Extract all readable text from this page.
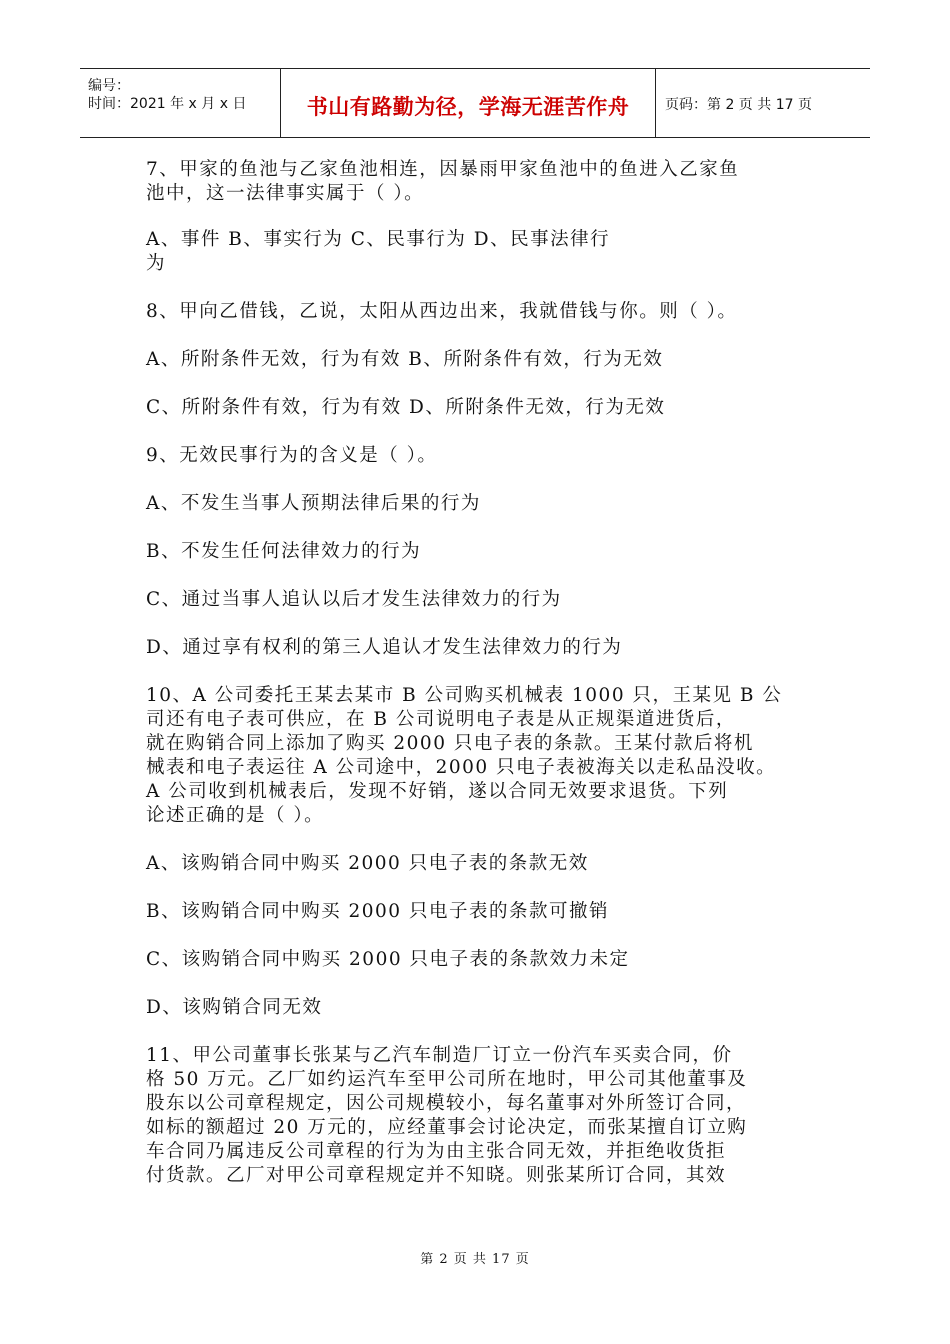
编号：
时间：2021 年 x 月 x 日	书山有路勤为径，学海无涯苦作舟	页码：第 2 页 共 17 页

7、甲家的鱼池与乙家鱼池相连，因暴雨甲家鱼池中的鱼进入乙家鱼

池中，这一法律事实属于（ ）。

A、事件 B、事实行为 C、民事行为 D、民事法律行

为

8、甲向乙借钱，乙说，太阳从西边出来，我就借钱与你。则（ ）。

A、所附条件无效，行为有效 B、所附条件有效，行为无效

C、所附条件有效，行为有效 D、所附条件无效，行为无效

9、无效民事行为的含义是（ ）。

A、不发生当事人预期法律后果的行为

B、不发生任何法律效力的行为

C、通过当事人追认以后才发生法律效力的行为

D、通过享有权利的第三人追认才发生法律效力的行为

10、A 公司委托王某去某市 B 公司购买机械表 1000 只，王某见 B 公

司还有电子表可供应，在 B 公司说明电子表是从正规渠道进货后，

就在购销合同上添加了购买 2000 只电子表的条款。王某付款后将机

械表和电子表运往 A 公司途中，2000 只电子表被海关以走私品没收。

A 公司收到机械表后，发现不好销，遂以合同无效要求退货。下列

论述正确的是（ ）。

A、该购销合同中购买 2000 只电子表的条款无效

B、该购销合同中购买 2000 只电子表的条款可撤销

C、该购销合同中购买 2000 只电子表的条款效力未定

D、该购销合同无效

11、甲公司董事长张某与乙汽车制造厂订立一份汽车买卖合同，价

格 50 万元。乙厂如约运汽车至甲公司所在地时，甲公司其他董事及

股东以公司章程规定，因公司规模较小，每名董事对外所签订合同，

如标的额超过 20 万元的，应经董事会讨论决定，而张某擅自订立购

车合同乃属违反公司章程的行为为由主张合同无效，并拒绝收货拒

付货款。乙厂对甲公司章程规定并不知晓。则张某所订合同，其效

第 2 页 共 17 页
